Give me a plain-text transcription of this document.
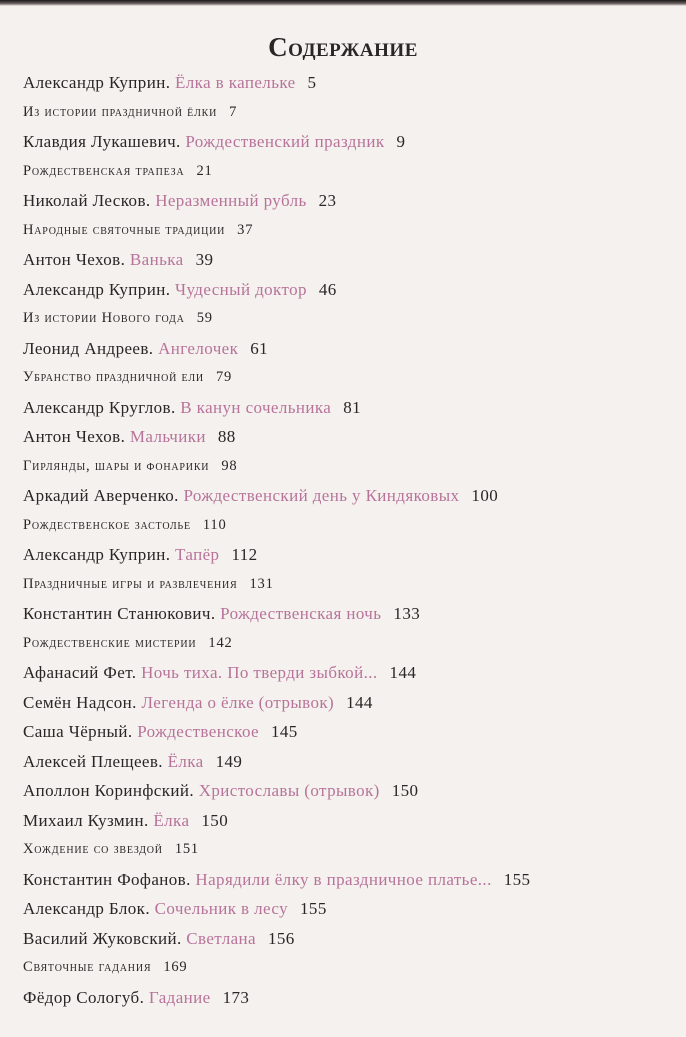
Содержание
Александр Куприн. Ёлка в капельке 5
Из истории праздничной ёлки 7
Клавдия Лукашевич. Рождественский праздник 9
Рождественская трапеза 21
Николай Лесков. Неразменный рубль 23
Народные святочные традиции 37
Антон Чехов. Ванька 39
Александр Куприн. Чудесный доктор 46
Из истории Нового года 59
Леонид Андреев. Ангелочек 61
Убранство праздничной ели 79
Александр Круглов. В канун сочельника 81
Антон Чехов. Мальчики 88
Гирлянды, шары и фонарики 98
Аркадий Аверченко. Рождественский день у Киндяковых 100
Рождественское застолье 110
Александр Куприн. Тапёр 112
Праздничные игры и развлечения 131
Константин Станюкович. Рождественская ночь 133
Рождественские мистерии 142
Афанасий Фет. Ночь тиха. По тверди зыбкой... 144
Семён Надсон. Легенда о ёлке (отрывок) 144
Саша Чёрный. Рождественское 145
Алексей Плещеев. Ёлка 149
Аполлон Коринфский. Христославы (отрывок) 150
Михаил Кузмин. Ёлка 150
Хождение со звездой 151
Константин Фофанов. Нарядили ёлку в праздничное платье... 155
Александр Блок. Сочельник в лесу 155
Василий Жуковский. Светлана 156
Святочные гадания 169
Фёдор Сологуб. Гадание 173
